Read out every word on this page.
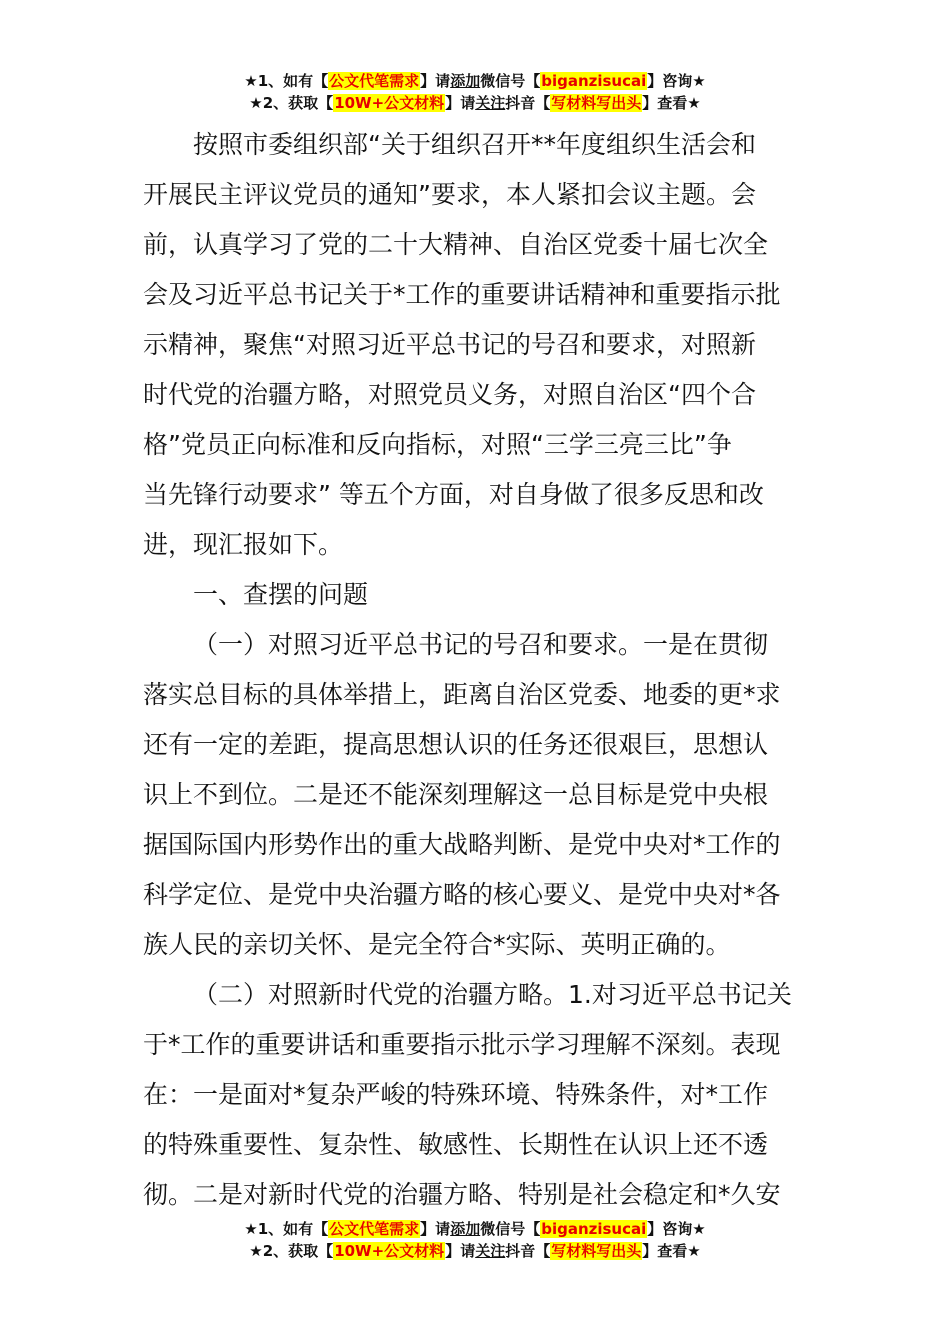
★1、如有【公文代笔需求】请添加微信号【biganzisucai】咨询★
★2、获取【10W+公文材料】请关注抖音【写材料写出头】查看★
按照市委组织部“关于组织召开**年度组织生活会和
开展民主评议党员的通知”要求，本人紧扣会议主题。会
前，认真学习了党的二十大精神、自治区党委十届七次全
会及习近平总书记关于*工作的重要讲话精神和重要指示批
示精神，聚焦“对照习近平总书记的号召和要求，对照新
时代党的治疆方略，对照党员义务，对照自治区“四个合
格”党员正向标准和反向指标，对照“三学三亮三比”争
当先锋行动要求” 等五个方面，对自身做了很多反思和改
进，现汇报如下。
一、查摆的问题
（一）对照习近平总书记的号召和要求。一是在贯彻
落实总目标的具体举措上，距离自治区党委、地委的更*求
还有一定的差距，提高思想认识的任务还很艰巨，思想认
识上不到位。二是还不能深刻理解这一总目标是党中央根
据国际国内形势作出的重大战略判断、是党中央对*工作的
科学定位、是党中央治疆方略的核心要义、是党中央对*各
族人民的亲切关怀、是完全符合*实际、英明正确的。
（二）对照新时代党的治疆方略。1.对习近平总书记关
于*工作的重要讲话和重要指示批示学习理解不深刻。表现
在：一是面对*复杂严峻的特殊环境、特殊条件，对*工作
的特殊重要性、复杂性、敏感性、长期性在认识上还不透
彻。二是对新时代党的治疆方略、特别是社会稳定和*久安
★1、如有【公文代笔需求】请添加微信号【biganzisucai】咨询★
★2、获取【10W+公文材料】请关注抖音【写材料写出头】查看★
